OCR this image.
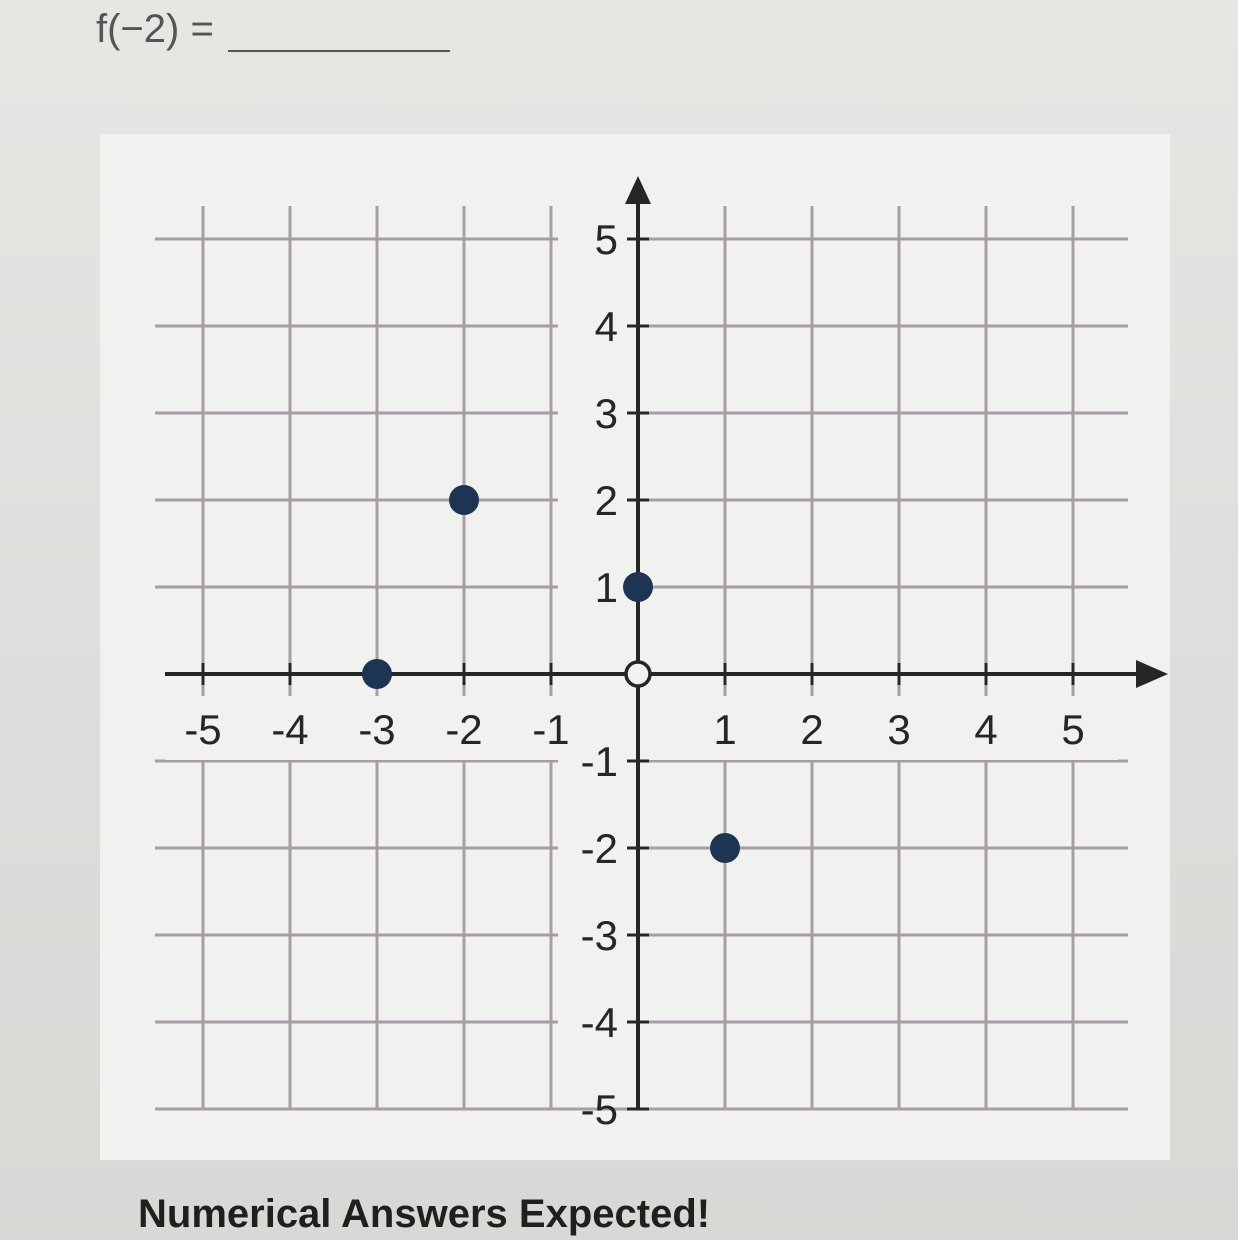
f(−2) =
-5 -4 -3 -2 -1	1 2 3 4 5
5
4
3
2
1
-1
-2
-3
-4
-5
Numerical Answers Expected!
